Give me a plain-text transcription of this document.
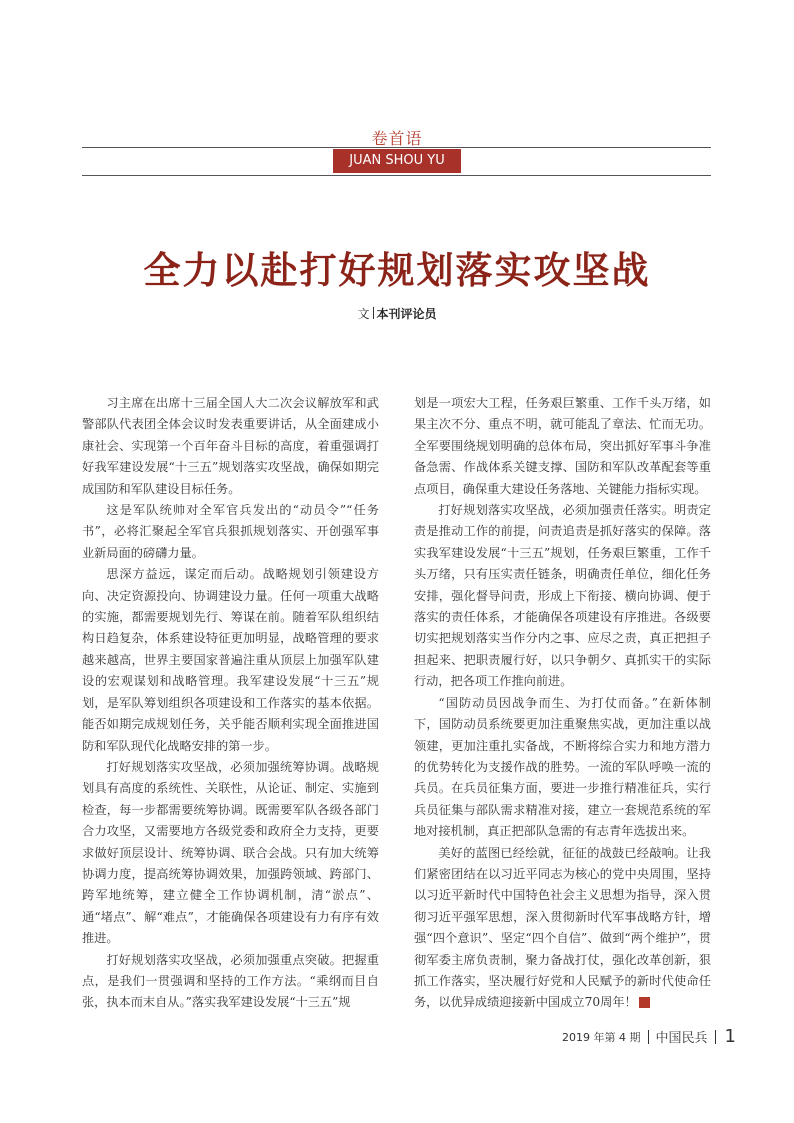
卷首语
JUAN SHOU YU
全力以赴打好规划落实攻坚战
文 本刊评论员

习主席在出席十三届全国人大二次会议解放军和武警部队代表团全体会议时发表重要讲话，从全面建成小康社会、实现第一个百年奋斗目标的高度，着重强调打好我军建设发展“十三五”规划落实攻坚战，确保如期完成国防和军队建设目标任务。

这是军队统帅对全军官兵发出的“动员令”“任务书”，必将汇聚起全军官兵狠抓规划落实、开创强军事业新局面的磅礴力量。

思深方益远，谋定而后动。战略规划引领建设方向、决定资源投向、协调建设力量。任何一项重大战略的实施，都需要规划先行、筹谋在前。随着军队组织结构日趋复杂，体系建设特征更加明显，战略管理的要求越来越高，世界主要国家普遍注重从顶层上加强军队建设的宏观谋划和战略管理。我军建设发展“十三五”规划，是军队筹划组织各项建设和工作落实的基本依据。能否如期完成规划任务，关乎能否顺利实现全面推进国防和军队现代化战略安排的第一步。

打好规划落实攻坚战，必须加强统筹协调。战略规划具有高度的系统性、关联性，从论证、制定、实施到检查，每一步都需要统筹协调。既需要军队各级各部门合力攻坚，又需要地方各级党委和政府全力支持，更要求做好顶层设计、统筹协调、联合会战。只有加大统筹协调力度，提高统筹协调效果，加强跨领域、跨部门、跨军地统筹，建立健全工作协调机制，清“淤点”、通“堵点”、解“难点”，才能确保各项建设有力有序有效推进。

打好规划落实攻坚战，必须加强重点突破。把握重点，是我们一贯强调和坚持的工作方法。“乘纲而目自张，执本而末自从。”落实我军建设发展“十三五”规

划是一项宏大工程，任务艰巨繁重、工作千头万绪，如果主次不分、重点不明，就可能乱了章法、忙而无功。全军要围绕规划明确的总体布局，突出抓好军事斗争准备急需、作战体系关键支撑、国防和军队改革配套等重点项目，确保重大建设任务落地、关键能力指标实现。

打好规划落实攻坚战，必须加强责任落实。明责定责是推动工作的前提，问责追责是抓好落实的保障。落实我军建设发展“十三五”规划，任务艰巨繁重，工作千头万绪，只有压实责任链条，明确责任单位，细化任务安排，强化督导问责，形成上下衔接、横向协调、便于落实的责任体系，才能确保各项建设有序推进。各级要切实把规划落实当作分内之事、应尽之责，真正把担子担起来、把职责履行好，以只争朝夕、真抓实干的实际行动，把各项工作推向前进。

“国防动员因战争而生、为打仗而备。”在新体制下，国防动员系统要更加注重聚焦实战，更加注重以战领建，更加注重扎实备战，不断将综合实力和地方潜力的优势转化为支援作战的胜势。一流的军队呼唤一流的兵员。在兵员征集方面，要进一步推行精准征兵，实行兵员征集与部队需求精准对接，建立一套规范系统的军地对接机制，真正把部队急需的有志青年选拔出来。

美好的蓝图已经绘就，征征的战鼓已经敲响。让我们紧密团结在以习近平同志为核心的党中央周围，坚持以习近平新时代中国特色社会主义思想为指导，深入贯彻习近平强军思想，深入贯彻新时代军事战略方针，增强“四个意识”、坚定“四个自信”、做到“两个维护”，贯彻军委主席负责制，聚力备战打仗，强化改革创新，狠抓工作落实，坚决履行好党和人民赋予的新时代使命任务，以优异成绩迎接新中国成立70周年！	官

2019 年第 4 期 中国民兵 1
